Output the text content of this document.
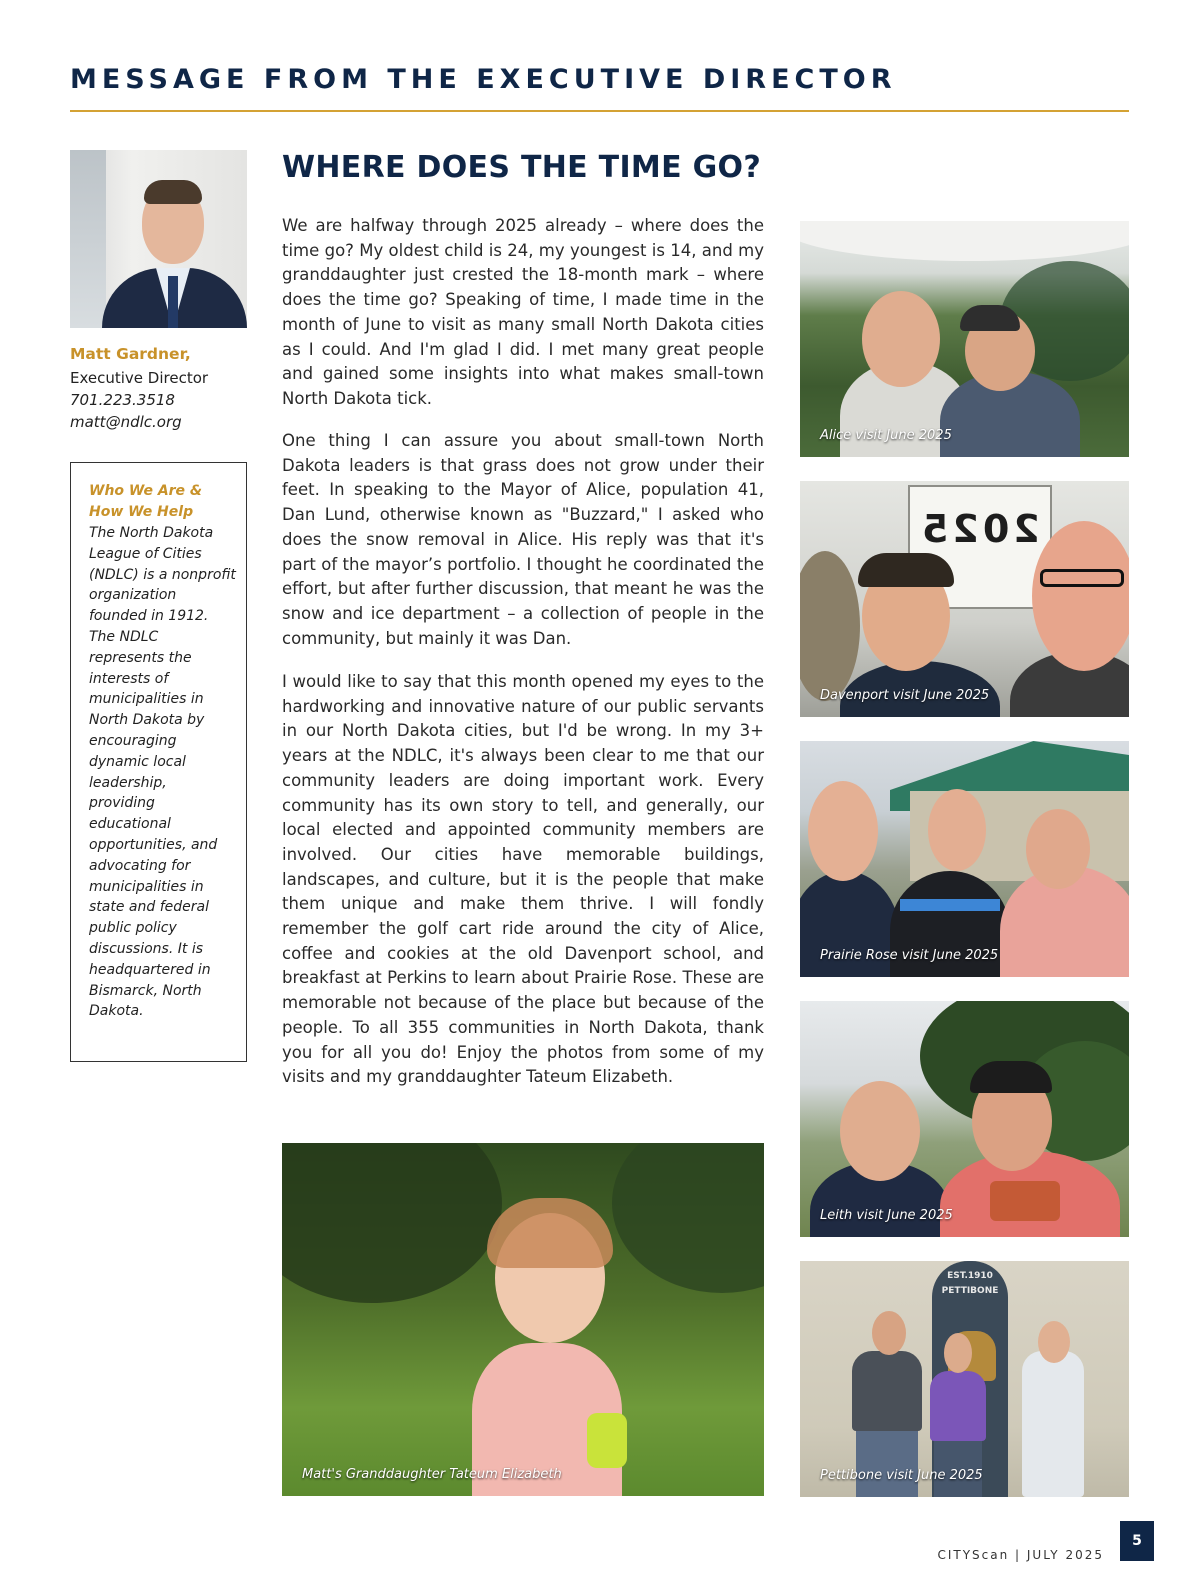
MESSAGE FROM THE EXECUTIVE DIRECTOR

Matt Gardner,

Executive Director

701.223.3518

matt@ndlc.org

Who We Are & How We Help

The North Dakota League of Cities (NDLC) is a nonprofit organization founded in 1912. The NDLC represents the interests of municipalities in North Dakota by encouraging dynamic local leadership, providing educational opportunities, and advocating for municipalities in state and federal public policy discussions. It is headquartered in Bismarck, North Dakota.

WHERE DOES THE TIME GO?

We are halfway through 2025 already – where does the time go? My oldest child is 24, my youngest is 14, and my granddaughter just crested the 18-month mark – where does the time go? Speaking of time, I made time in the month of June to visit as many small North Dakota cities as I could. And I'm glad I did. I met many great people and gained some insights into what makes small-town North Dakota tick.

One thing I can assure you about small-town North Dakota leaders is that grass does not grow under their feet. In speaking to the Mayor of Alice, population 41, Dan Lund, otherwise known as "Buzzard," I asked who does the snow removal in Alice. His reply was that it's part of the mayor’s portfolio. I thought he coordinated the effort, but after further discussion, that meant he was the snow and ice department – a collection of people in the community, but mainly it was Dan.

I would like to say that this month opened my eyes to the hardworking and innovative nature of our public servants in our North Dakota cities, but I'd be wrong. In my 3+ years at the NDLC, it's always been clear to me that our community leaders are doing important work. Every community has its own story to tell, and generally, our local elected and appointed community members are involved. Our cities have memorable buildings, landscapes, and culture, but it is the people that make them unique and make them thrive. I will fondly remember the golf cart ride around the city of Alice, coffee and cookies at the old Davenport school, and breakfast at Perkins to learn about Prairie Rose. These are memorable not because of the place but because of the people. To all 355 communities in North Dakota, thank you for all you do! Enjoy the photos from some of my visits and my granddaughter Tateum Elizabeth.

Matt's Granddaughter Tateum Elizabeth
Alice visit June 2025
2025
Davenport visit June 2025
Prairie Rose visit June 2025
Leith visit June 2025
EST.1910
PETTIBONE
Pettibone visit June 2025

CITYScan | JULY 2025

5
